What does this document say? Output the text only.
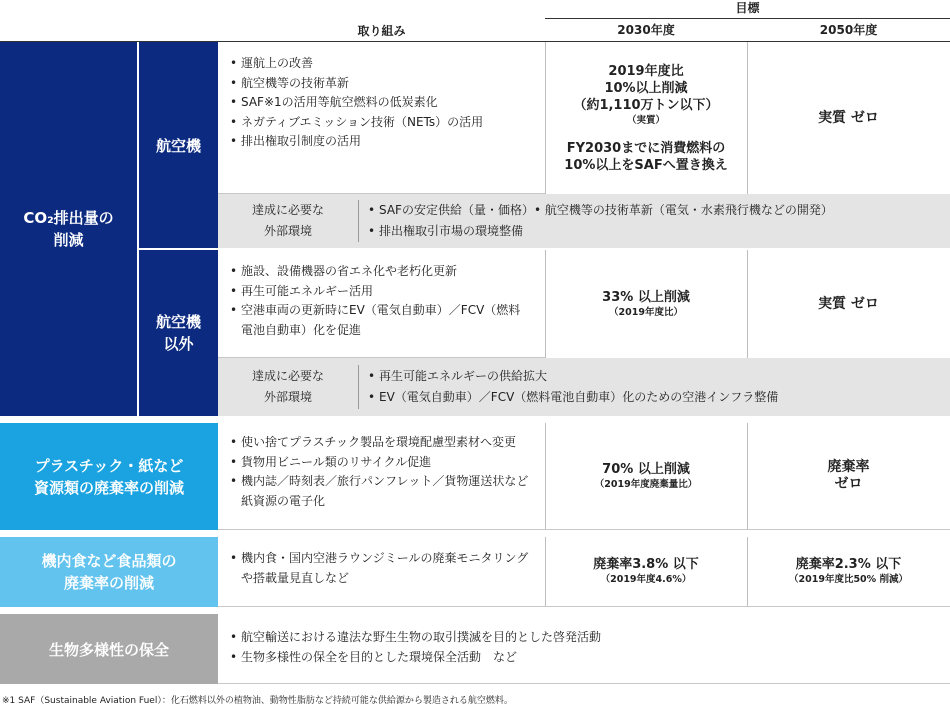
目標
取り組み	2030年度	2050年度
CO₂排出量の
削減
航空機
• 運航上の改善
• 航空機等の技術革新
• SAF※1の活用等航空燃料の低炭素化
• ネガティブエミッション技術（NETs）の活用
• 排出権取引制度の活用
2019年度比
10%以上削減
（約1,110万トン以下）
（実質）
FY2030までに消費燃料の
10%以上をSAFへ置き換え
実質 ゼロ
達成に必要な
外部環境
• SAFの安定供給（量・価格）• 航空機等の技術革新（電気・水素飛行機などの開発）
• 排出権取引市場の環境整備
航空機
以外
• 施設、設備機器の省エネ化や老朽化更新
• 再生可能エネルギー活用
• 空港車両の更新時にEV（電気自動車）／FCV（燃料電池自動車）化を促進
33% 以上削減
（2019年度比）
実質 ゼロ
達成に必要な
外部環境
• 再生可能エネルギーの供給拡大
• EV（電気自動車）／FCV（燃料電池自動車）化のための空港インフラ整備
プラスチック・紙など
資源類の廃棄率の削減
• 使い捨てプラスチック製品を環境配慮型素材へ変更
• 貨物用ビニール類のリサイクル促進
• 機内誌／時刻表／旅行パンフレット／貨物運送状など紙資源の電子化
70% 以上削減
（2019年度廃棄量比）
廃棄率
ゼロ
機内食など食品類の
廃棄率の削減
• 機内食・国内空港ラウンジミールの廃棄モニタリングや搭載量見直しなど
廃棄率3.8% 以下
（2019年度4.6%）
廃棄率2.3% 以下
（2019年度比50% 削減）
生物多様性の保全
• 航空輸送における違法な野生生物の取引撲滅を目的とした啓発活動
• 生物多様性の保全を目的とした環境保全活動　など
※1 SAF（Sustainable Aviation Fuel）：化石燃料以外の植物油、動物性脂肪など持続可能な供給源から製造される航空燃料。
